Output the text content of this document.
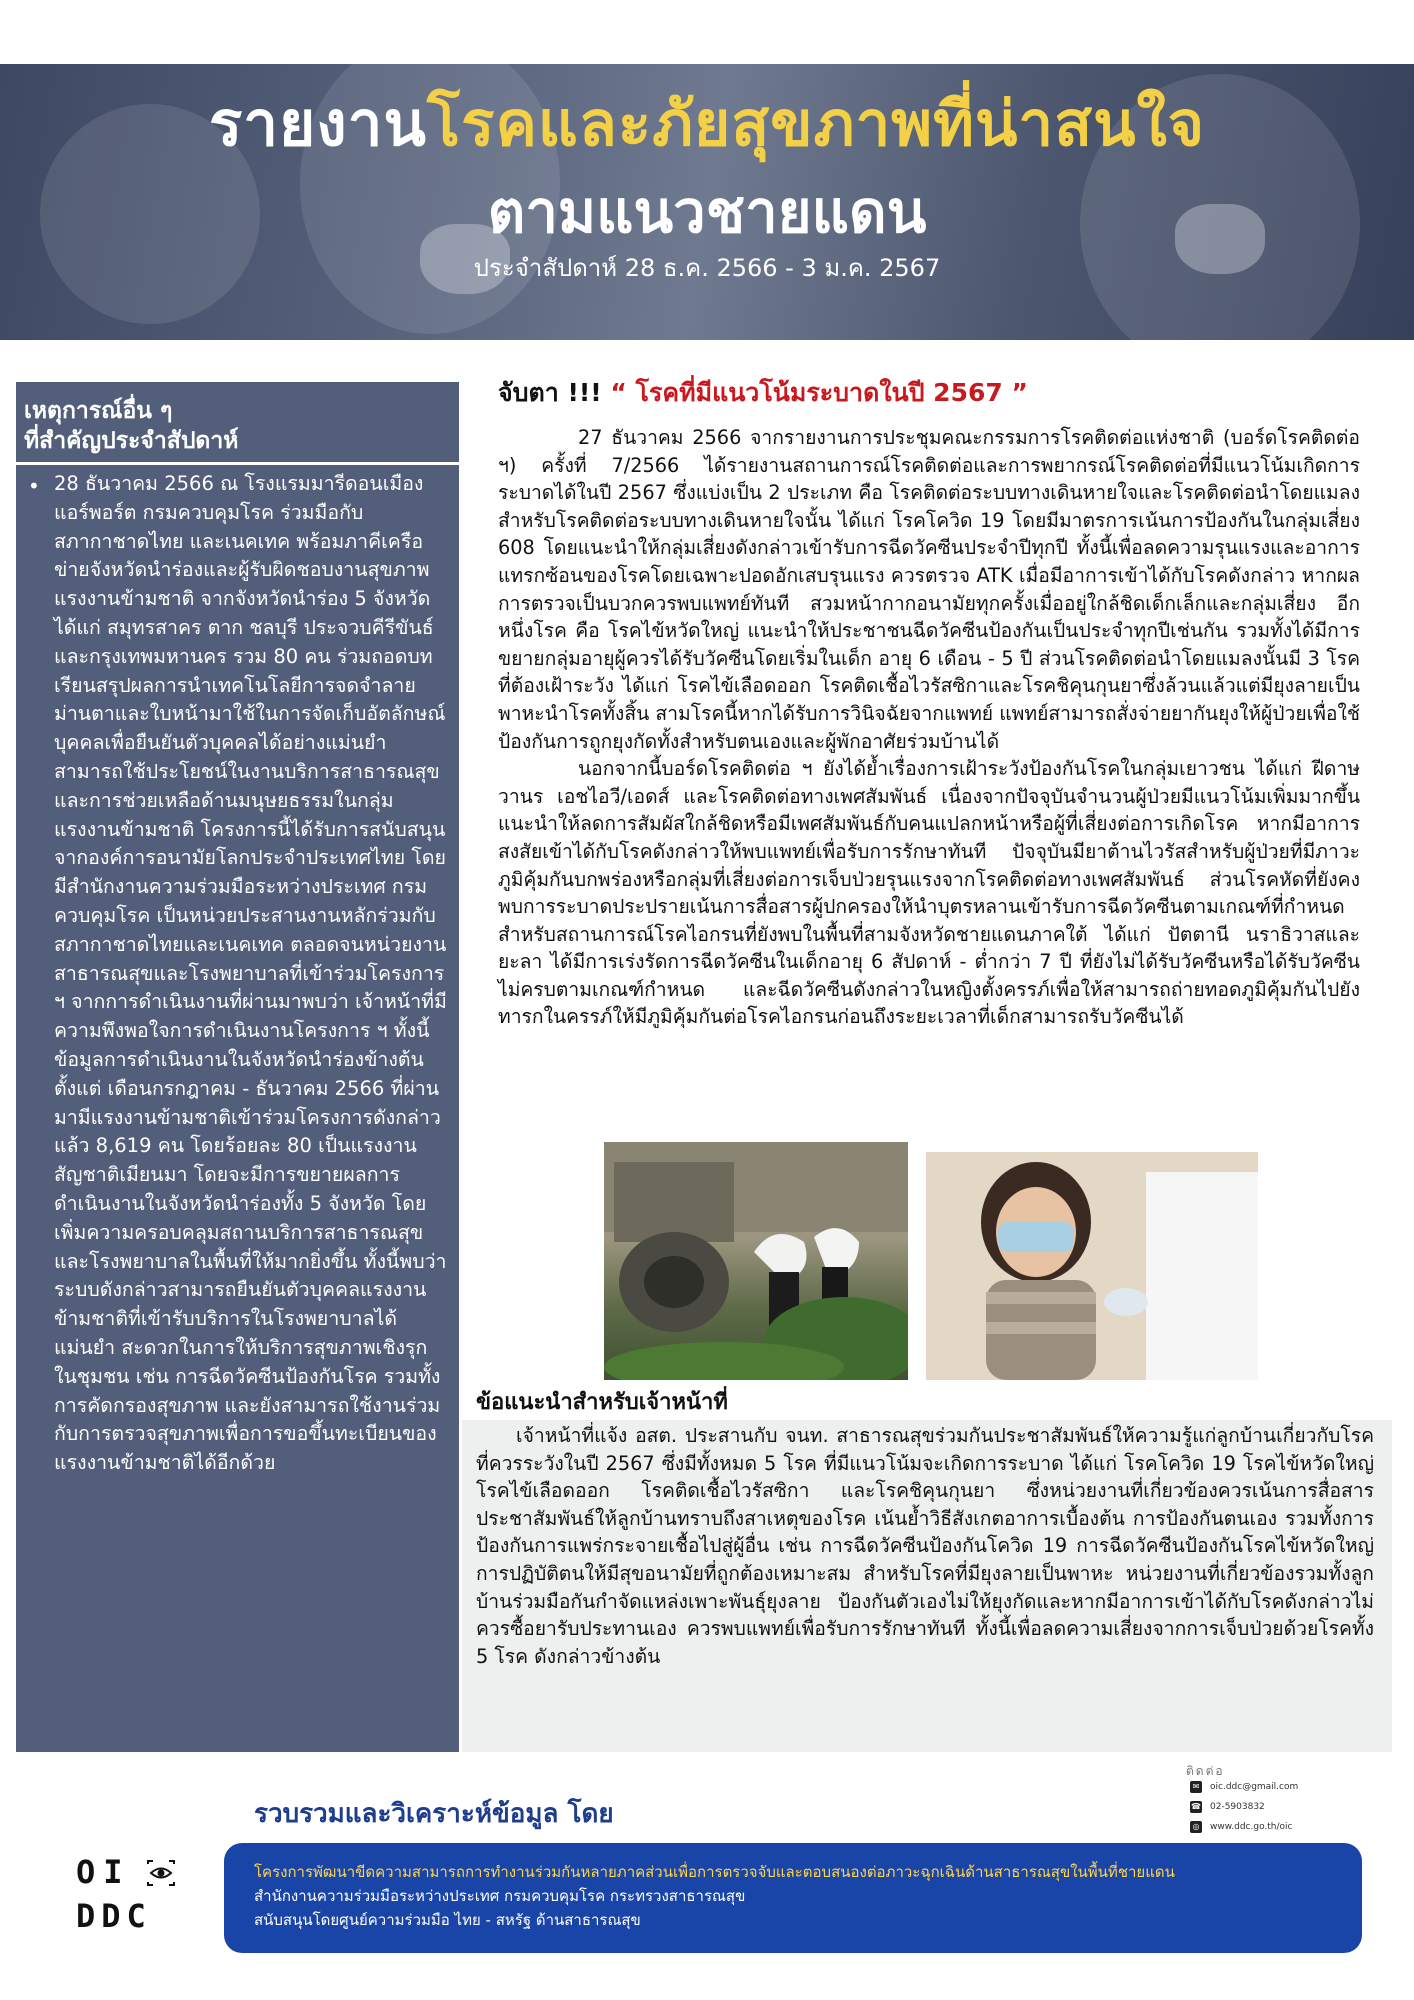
รายงานโรคและภัยสุขภาพที่น่าสนใจ
ตามแนวชายแดน
ประจำสัปดาห์ 28 ธ.ค. 2566 - 3 ม.ค. 2567
เหตุการณ์อื่น ๆ
ที่สำคัญประจำสัปดาห์
• 28 ธันวาคม 2566 ณ โรงแรมมารีดอนเมือง แอร์พอร์ต กรมควบคุมโรค ร่วมมือกับสภากาชาดไทย และเนคเทค พร้อมภาคีเครือข่ายจังหวัดนำร่องและผู้รับผิดชอบงานสุขภาพแรงงานข้ามชาติ จากจังหวัดนำร่อง 5 จังหวัด ได้แก่ สมุทรสาคร ตาก ชลบุรี ประจวบคีรีขันธ์ และกรุงเทพมหานคร รวม 80 คน ร่วมถอดบทเรียนสรุปผลการนำเทคโนโลยีการจดจำลายม่านตาและใบหน้ามาใช้ในการจัดเก็บอัตลักษณ์บุคคลเพื่อยืนยันตัวบุคคลได้อย่างแม่นยำ สามารถใช้ประโยชน์ในงานบริการสาธารณสุขและการช่วยเหลือด้านมนุษยธรรมในกลุ่มแรงงานข้ามชาติ โครงการนี้ได้รับการสนับสนุนจากองค์การอนามัยโลกประจำประเทศไทย โดยมีสำนักงานความร่วมมือระหว่างประเทศ กรมควบคุมโรค เป็นหน่วยประสานงานหลักร่วมกับสภากาชาดไทยและเนคเทค ตลอดจนหน่วยงานสาธารณสุขและโรงพยาบาลที่เข้าร่วมโครงการ ฯ จากการดำเนินงานที่ผ่านมาพบว่า เจ้าหน้าที่มีความพึงพอใจการดำเนินงานโครงการ ฯ ทั้งนี้ข้อมูลการดำเนินงานในจังหวัดนำร่องข้างต้น ตั้งแต่ เดือนกรกฎาคม - ธันวาคม 2566 ที่ผ่านมามีแรงงานข้ามชาติเข้าร่วมโครงการดังกล่าวแล้ว 8,619 คน โดยร้อยละ 80 เป็นแรงงานสัญชาติเมียนมา โดยจะมีการขยายผลการดำเนินงานในจังหวัดนำร่องทั้ง 5 จังหวัด โดยเพิ่มความครอบคลุมสถานบริการสาธารณสุขและโรงพยาบาลในพื้นที่ให้มากยิ่งขึ้น ทั้งนี้พบว่าระบบดังกล่าวสามารถยืนยันตัวบุคคลแรงงานข้ามชาติที่เข้ารับบริการในโรงพยาบาลได้แม่นยำ สะดวกในการให้บริการสุขภาพเชิงรุกในชุมชน เช่น การฉีดวัคซีนป้องกันโรค รวมทั้งการคัดกรองสุขภาพ และยังสามารถใช้งานร่วมกับการตรวจสุขภาพเพื่อการขอขึ้นทะเบียนของแรงงานข้ามชาติได้อีกด้วย

จับตา !!! “ โรคที่มีแนวโน้มระบาดในปี 2567 ”

27 ธันวาคม 2566 จากรายงานการประชุมคณะกรรมการโรคติดต่อแห่งชาติ (บอร์ดโรคติดต่อ ฯ) ครั้งที่ 7/2566 ได้รายงานสถานการณ์โรคติดต่อและการพยากรณ์โรคติดต่อที่มีแนวโน้มเกิดการระบาดได้ในปี 2567 ซึ่งแบ่งเป็น 2 ประเภท คือ โรคติดต่อระบบทางเดินหายใจและโรคติดต่อนำโดยแมลง สำหรับโรคติดต่อระบบทางเดินหายใจนั้น ได้แก่ โรคโควิด 19 โดยมีมาตรการเน้นการป้องกันในกลุ่มเสี่ยง 608 โดยแนะนำให้กลุ่มเสี่ยงดังกล่าวเข้ารับการฉีดวัคซีนประจำปีทุกปี ทั้งนี้เพื่อลดความรุนแรงและอาการแทรกซ้อนของโรคโดยเฉพาะปอดอักเสบรุนแรง ควรตรวจ ATK เมื่อมีอาการเข้าได้กับโรคดังกล่าว หากผลการตรวจเป็นบวกควรพบแพทย์ทันที สวมหน้ากากอนามัยทุกครั้งเมื่ออยู่ใกล้ชิดเด็กเล็กและกลุ่มเสี่ยง อีกหนึ่งโรค คือ โรคไข้หวัดใหญ่ แนะนำให้ประชาชนฉีดวัคซีนป้องกันเป็นประจำทุกปีเช่นกัน รวมทั้งได้มีการขยายกลุ่มอายุผู้ควรได้รับวัคซีนโดยเริ่มในเด็ก อายุ 6 เดือน - 5 ปี ส่วนโรคติดต่อนำโดยแมลงนั้นมี 3 โรคที่ต้องเฝ้าระวัง ได้แก่ โรคไข้เลือดออก โรคติดเชื้อไวรัสซิกาและโรคชิคุนกุนยาซึ่งล้วนแล้วแต่มียุงลายเป็นพาหะนำโรคทั้งสิ้น สามโรคนี้หากได้รับการวินิจฉัยจากแพทย์ แพทย์สามารถสั่งจ่ายยากันยุงให้ผู้ป่วยเพื่อใช้ป้องกันการถูกยุงกัดทั้งสำหรับตนเองและผู้พักอาศัยร่วมบ้านได้

นอกจากนี้บอร์ดโรคติดต่อ ฯ ยังได้ย้ำเรื่องการเฝ้าระวังป้องกันโรคในกลุ่มเยาวชน ได้แก่ ฝีดาษวานร เอชไอวี/เอดส์ และโรคติดต่อทางเพศสัมพันธ์ เนื่องจากปัจจุบันจำนวนผู้ป่วยมีแนวโน้มเพิ่มมากขึ้น แนะนำให้ลดการสัมผัสใกล้ชิดหรือมีเพศสัมพันธ์กับคนแปลกหน้าหรือผู้ที่เสี่ยงต่อการเกิดโรค หากมีอาการสงสัยเข้าได้กับโรคดังกล่าวให้พบแพทย์เพื่อรับการรักษาทันที ปัจจุบันมียาต้านไวรัสสำหรับผู้ป่วยที่มีภาวะภูมิคุ้มกันบกพร่องหรือกลุ่มที่เสี่ยงต่อการเจ็บป่วยรุนแรงจากโรคติดต่อทางเพศสัมพันธ์ ส่วนโรคหัดที่ยังคงพบการระบาดประปรายเน้นการสื่อสารผู้ปกครองให้นำบุตรหลานเข้ารับการฉีดวัคซีนตามเกณฑ์ที่กำหนด สำหรับสถานการณ์โรคไอกรนที่ยังพบในพื้นที่สามจังหวัดชายแดนภาคใต้ ได้แก่ ปัตตานี นราธิวาสและยะลา ได้มีการเร่งรัดการฉีดวัคซีนในเด็กอายุ 6 สัปดาห์ - ต่ำกว่า 7 ปี ที่ยังไม่ได้รับวัคซีนหรือได้รับวัคซีนไม่ครบตามเกณฑ์กำหนด และฉีดวัคซีนดังกล่าวในหญิงตั้งครรภ์เพื่อให้สามารถถ่ายทอดภูมิคุ้มกันไปยังทารกในครรภ์ให้มีภูมิคุ้มกันต่อโรคไอกรนก่อนถึงระยะเวลาที่เด็กสามารถรับวัคซีนได้

ข้อแนะนำสำหรับเจ้าหน้าที่

เจ้าหน้าที่แจ้ง อสต. ประสานกับ จนท. สาธารณสุขร่วมกันประชาสัมพันธ์ให้ความรู้แก่ลูกบ้านเกี่ยวกับโรคที่ควรระวังในปี 2567 ซึ่งมีทั้งหมด 5 โรค ที่มีแนวโน้มจะเกิดการระบาด ได้แก่ โรคโควิด 19 โรคไข้หวัดใหญ่ โรคไข้เลือดออก โรคติดเชื้อไวรัสซิกา และโรคชิคุนกุนยา ซึ่งหน่วยงานที่เกี่ยวข้องควรเน้นการสื่อสารประชาสัมพันธ์ให้ลูกบ้านทราบถึงสาเหตุของโรค เน้นย้ำวิธีสังเกตอาการเบื้องต้น การป้องกันตนเอง รวมทั้งการป้องกันการแพร่กระจายเชื้อไปสู่ผู้อื่น เช่น การฉีดวัคซีนป้องกันโควิด 19 การฉีดวัคซีนป้องกันโรคไข้หวัดใหญ่ การปฏิบัติตนให้มีสุขอนามัยที่ถูกต้องเหมาะสม สำหรับโรคที่มียุงลายเป็นพาหะ หน่วยงานที่เกี่ยวข้องรวมทั้งลูกบ้านร่วมมือกันกำจัดแหล่งเพาะพันธุ์ยุงลาย ป้องกันตัวเองไม่ให้ยุงกัดและหากมีอาการเข้าได้กับโรคดังกล่าวไม่ควรซื้อยารับประทานเอง ควรพบแพทย์เพื่อรับการรักษาทันที ทั้งนี้เพื่อลดความเสี่ยงจากการเจ็บป่วยด้วยโรคทั้ง 5 โรค ดังกล่าวข้างต้น

ติดต่อ
✉ oic.ddc@gmail.com
☎ 02-5903832
◎ www.ddc.go.th/oic
รวบรวมและวิเคราะห์ข้อมูล โดย
OI
DDC
โครงการพัฒนาขีดความสามารถการทำงานร่วมกันหลายภาคส่วนเพื่อการตรวจจับและตอบสนองต่อภาวะฉุกเฉินด้านสาธารณสุขในพื้นที่ชายแดน
สำนักงานความร่วมมือระหว่างประเทศ กรมควบคุมโรค กระทรวงสาธารณสุข
สนับสนุนโดยศูนย์ความร่วมมือ ไทย - สหรัฐ ด้านสาธารณสุข
